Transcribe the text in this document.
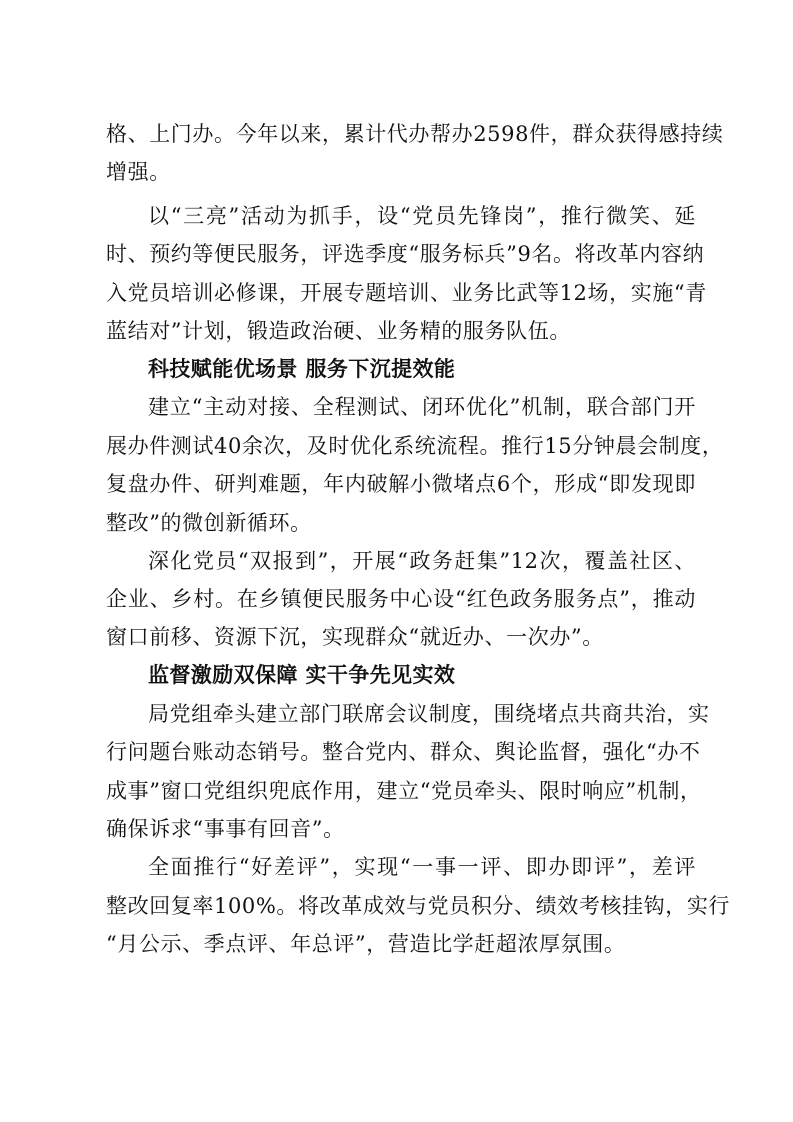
格、上门办。今年以来，累计代办帮办2598件，群众获得感持续
增强。
以“三亮”活动为抓手，设“党员先锋岗”，推行微笑、延
时、预约等便民服务，评选季度“服务标兵”9名。将改革内容纳
入党员培训必修课，开展专题培训、业务比武等12场，实施“青
蓝结对”计划，锻造政治硬、业务精的服务队伍。
科技赋能优场景 服务下沉提效能
建立“主动对接、全程测试、闭环优化”机制，联合部门开
展办件测试40余次，及时优化系统流程。推行15分钟晨会制度，
复盘办件、研判难题，年内破解小微堵点6个，形成“即发现即
整改”的微创新循环。
深化党员“双报到”，开展“政务赶集”12次，覆盖社区、
企业、乡村。在乡镇便民服务中心设“红色政务服务点”，推动
窗口前移、资源下沉，实现群众“就近办、一次办”。
监督激励双保障 实干争先见实效
局党组牵头建立部门联席会议制度，围绕堵点共商共治，实
行问题台账动态销号。整合党内、群众、舆论监督，强化“办不
成事”窗口党组织兜底作用，建立“党员牵头、限时响应”机制，
确保诉求“事事有回音”。
全面推行“好差评”，实现“一事一评、即办即评”，差评
整改回复率100%。将改革成效与党员积分、绩效考核挂钩，实行
“月公示、季点评、年总评”，营造比学赶超浓厚氛围。
